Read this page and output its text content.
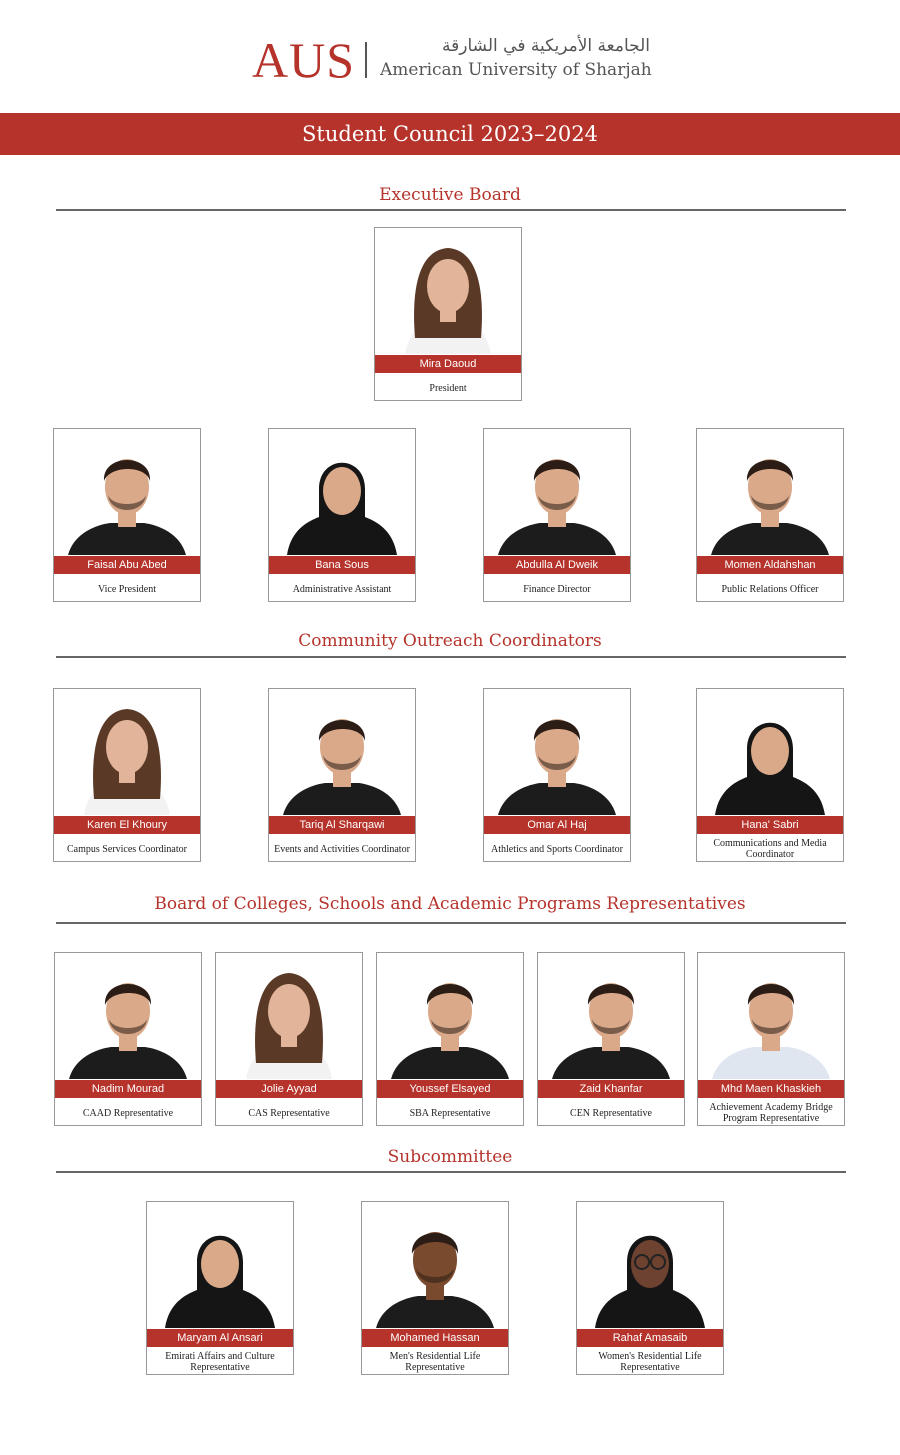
AUS	الجامعة الأمريكية في الشارقة
American University of Sharjah
Student Council 2023–2024
Executive Board
Mira Daoud
President
Faisal Abu Abed
Vice President
Bana Sous
Administrative Assistant
Abdulla Al Dweik
Finance Director
Momen Aldahshan
Public Relations Officer
Community Outreach Coordinators
Karen El Khoury
Campus Services Coordinator
Tariq Al Sharqawi
Events and Activities Coordinator
Omar Al Haj
Athletics and Sports Coordinator
Hana' Sabri
Communications and Media Coordinator
Board of Colleges, Schools and Academic Programs Representatives
Nadim Mourad
CAAD Representative
Jolie Ayyad
CAS Representative
Youssef Elsayed
SBA Representative
Zaid Khanfar
CEN Representative
Mhd Maen Khaskieh
Achievement Academy Bridge Program Representative
Subcommittee
Maryam Al Ansari
Emirati Affairs and Culture Representative
Mohamed Hassan
Men's Residential Life Representative
Rahaf Amasaib
Women's Residential Life Representative
